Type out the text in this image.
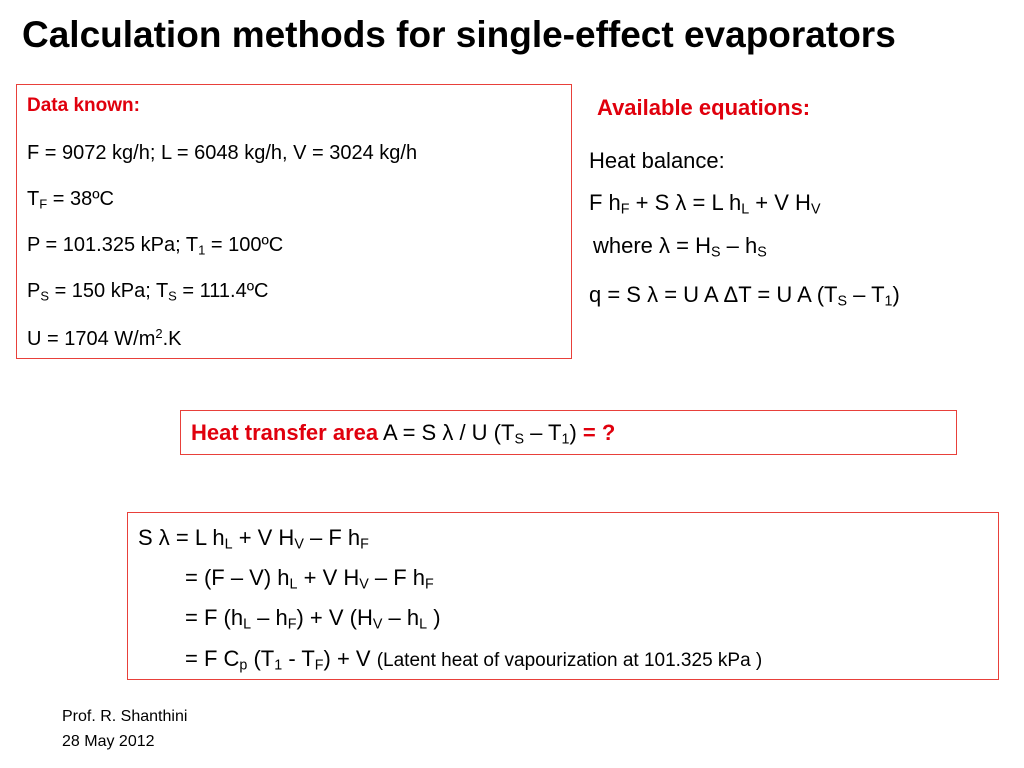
Calculation methods for single-effect evaporators
Data known:
F = 9072 kg/h; L = 6048 kg/h, V = 3024 kg/h
$T_F$ = 38ºC
P = 101.325 kPa; $T_1$ = 100ºC
$P_S = 150$ kPa; $T_S$ = 111.4ºC
U = 1704 $W/m^2.K$
Available equations:
Heat balance:
F $h_F + S$ λ = L $h_L + V$ $H_V$
where $\lambda = H_S - h_S$
q = S λ = U A ΔT = U A $(T_S - T_1)$
Heat transfer area A = S λ / U $(T_S - T_1)$ = ?
S λ = L $h_L + V$ $H_V$ – F $h_F$
= (F – V) $h_L + V$ $H_V$ – F $h_F$
= F $(h_L - h_F) + V$ ($H_V - h_L$ )
= F $C_p$ $(T_1 - T_F) + V$ (Latent heat of vapourization at 101.325 kPa )
Prof. R. Shanthini
28 May 2012
